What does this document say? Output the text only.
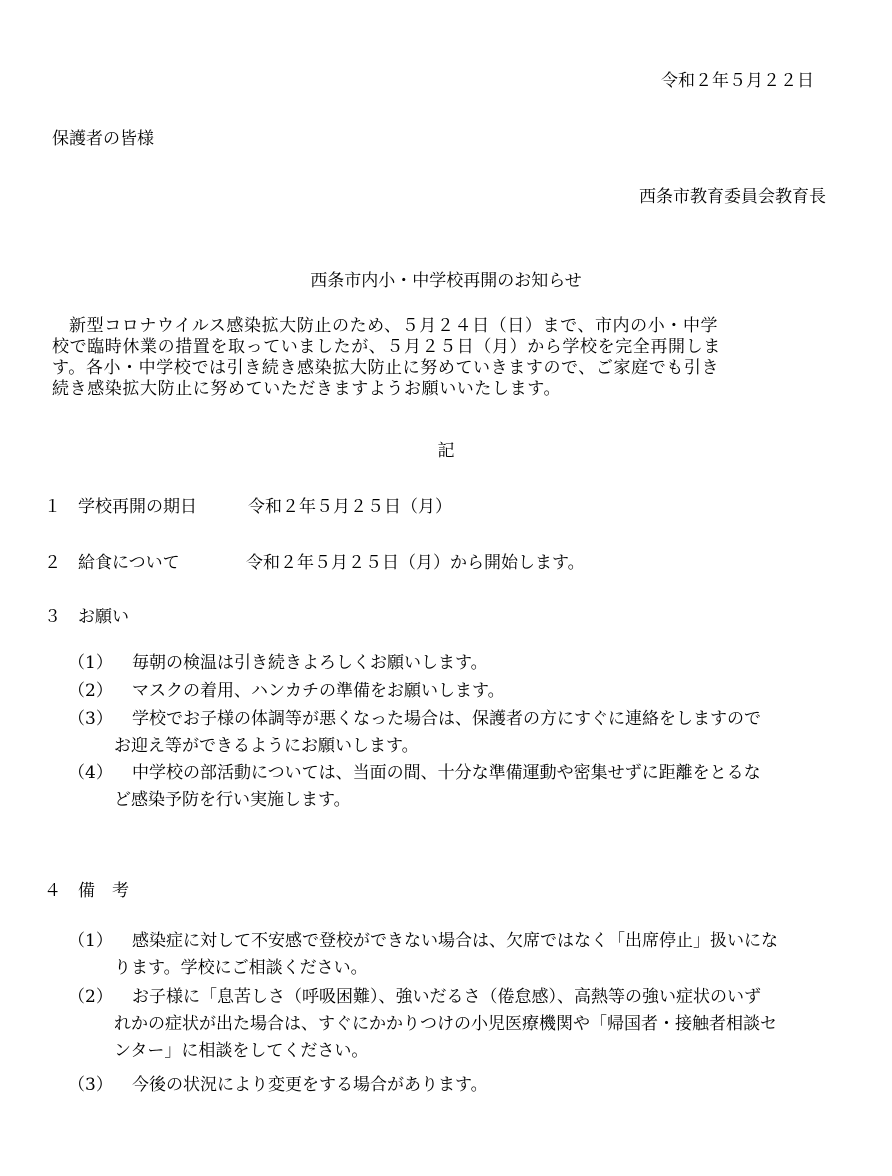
令和２年５月２２日
保護者の皆様
西条市教育委員会教育長
西条市内小・中学校再開のお知らせ
新型コロナウイルス感染拡大防止のため、５月２４日（日）まで、市内の小・中学
校で臨時休業の措置を取っていましたが、５月２５日（月）から学校を完全再開しま
す。各小・中学校では引き続き感染拡大防止に努めていきますので、ご家庭でも引き
続き感染拡大防止に努めていただきますようお願いいたします。
記
１ 学校再開の期日	令和２年５月２５日（月）
２ 給食について	令和２年５月２５日（月）から開始します。
３ お願い
（1）	毎朝の検温は引き続きよろしくお願いします。
（2）	マスクの着用、ハンカチの準備をお願いします。
（3）	学校でお子様の体調等が悪くなった場合は、保護者の方にすぐに連絡をしますので
お迎え等ができるようにお願いします。
（4）	中学校の部活動については、当面の間、十分な準備運動や密集せずに距離をとるな
ど感染予防を行い実施します。
４ 備　考
（1）	感染症に対して不安感で登校ができない場合は、欠席ではなく「出席停止」扱いにな
ります。学校にご相談ください。
（2）	お子様に「息苦しさ（呼吸困難）、強いだるさ（倦怠感）、高熱等の強い症状のいず
れかの症状が出た場合は、すぐにかかりつけの小児医療機関や「帰国者・接触者相談セ
ンター」に相談をしてください。
（3）	今後の状況により変更をする場合があります。
